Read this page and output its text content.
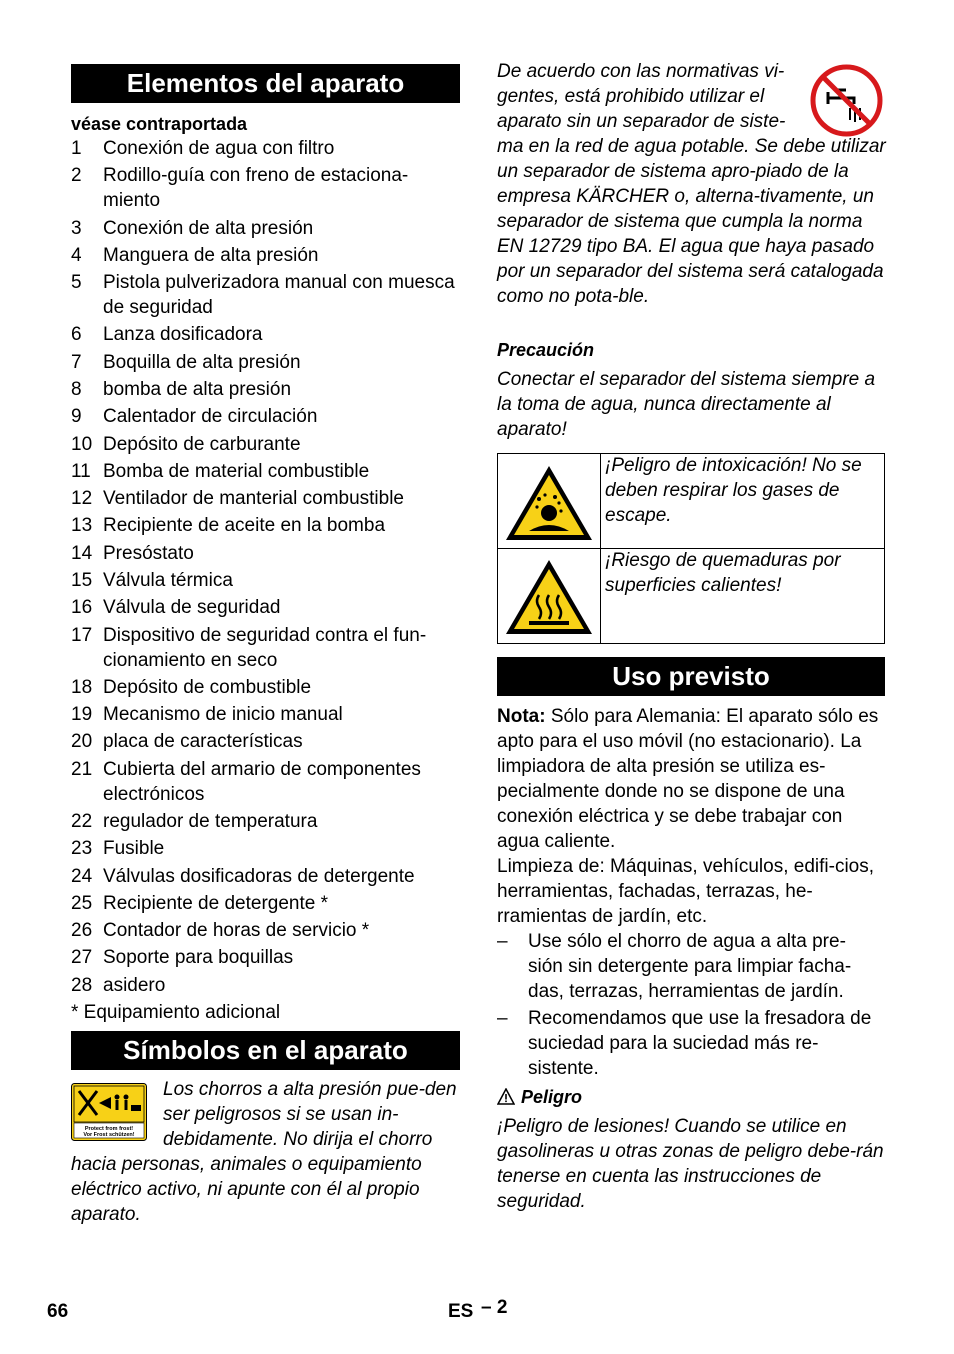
Elementos del aparato
véase contraportada
1 Conexión de agua con filtro
2 Rodillo-guía con freno de estaciona-miento
3 Conexión de alta presión
4 Manguera de alta presión
5 Pistola pulverizadora manual con muesca de seguridad
6 Lanza dosificadora
7 Boquilla de alta presión
8 bomba de alta presión
9 Calentador de circulación
10 Depósito de carburante
11 Bomba de material combustible
12 Ventilador de manterial combustible
13 Recipiente de aceite en la bomba
14 Presóstato
15 Válvula térmica
16 Válvula de seguridad
17 Dispositivo de seguridad contra el fun-cionamiento en seco
18 Depósito de combustible
19 Mecanismo de inicio manual
20 placa de características
21 Cubierta del armario de componentes electrónicos
22 regulador de temperatura
23 Fusible
24 Válvulas dosificadoras de detergente
25 Recipiente de detergente *
26 Contador de horas de servicio *
27 Soporte para boquillas
28 asidero
* Equipamiento adicional
Símbolos en el aparato
Protect from frost!
Vor Frost schützen!
Los chorros a alta presión pue-den ser peligrosos si se usan in-debidamente. No dirija el chorro hacia personas, animales o equipamiento eléctrico activo, ni apunte con él al propio aparato.
De acuerdo con las normativas vi-gentes, está prohibido utilizar el aparato sin un separador de siste-ma en la red de agua potable. Se debe utilizar un separador de sistema apro-piado de la empresa KÄRCHER o, alterna-tivamente, un separador de sistema que cumpla la norma EN 12729 tipo BA. El agua que haya pasado por un separador del sistema será catalogada como no pota-ble.
Precaución
Conectar el separador del sistema siempre a la toma de agua, nunca directamente al aparato!
¡Peligro de intoxicación! No se deben respirar los gases de escape.
¡Riesgo de quemaduras por superficies calientes!
Uso previsto
Nota: Sólo para Alemania: El aparato sólo es apto para el uso móvil (no estacionario). La limpiadora de alta presión se utiliza es-pecialmente donde no se dispone de una conexión eléctrica y se debe trabajar con agua caliente.
Limpieza de: Máquinas, vehículos, edifi-cios, herramientas, fachadas, terrazas, he-rramientas de jardín, etc.
– Use sólo el chorro de agua a alta pre-sión sin detergente para limpiar facha-das, terrazas, herramientas de jardín.
– Recomendamos que use la fresadora de suciedad para la suciedad más re-sistente.
Peligro
¡Peligro de lesiones! Cuando se utilice en gasolineras u otras zonas de peligro debe-rán tenerse en cuenta las instrucciones de seguridad.
66	ES – 2
